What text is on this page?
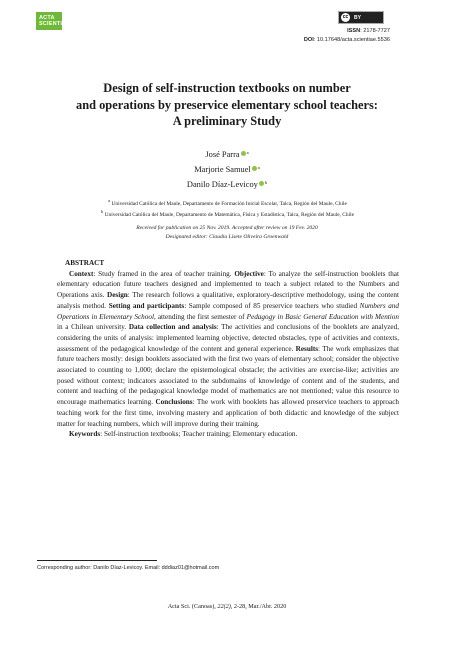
ACTA
SCIENTIAE
cc	BY
ISSN: 2178-7727
DOI: 10.17648/acta.scientiae.5536
Design of self-instruction textbooks on number
and operations by preservice elementary school teachers:
A preliminary Study
José Parra $^a$
Marjorie Samuel $^a$
Danilo Díaz-Levicoy $^b$
$^a$ Universidad Católica del Maule, Departamento de Formación Inicial Escolar, Talca, Región del Maule, Chile
$^b$ Universidad Católica del Maule, Departamento de Matemática, Física y Estadística, Talca, Región del Maule, Chile
Received for publication on 25 Nov. 2019. Accepted after review on 19 Fev. 2020
Designated editor: Claudia Lisete Oliveira Groenwald

ABSTRACT

Context: Study framed in the area of teacher training. Objective: To analyze the self-instruction booklets that elementary education future teachers designed and implemented to teach a subject related to the Numbers and Operations axis. Design: The research follows a qualitative, exploratory-descriptive methodology, using the content analysis method. Setting and participants: Sample composed of 85 preservice teachers who studied Numbers and Operations in Elementary School, attending the first semester of Pedagogy in Basic General Education with Mention in a Chilean university. Data collection and analysis: The activities and conclusions of the booklets are analyzed, considering the units of analysis: implemented learning objective, detected obstacles, type of activities and contexts, assessment of the pedagogical knowledge of the content and general experience. Results: The work emphasizes that future teachers mostly: design booklets associated with the first two years of elementary school; consider the objective associated to counting to 1,000; declare the epistemological obstacle; the activities are exercise-like; activities are posed without context; indicators associated to the subdomains of knowledge of content and of the students, and content and teaching of the pedagogical knowledge model of mathematics are not mentioned; value this resource to encourage mathematics learning. Conclusions: The work with booklets has allowed preservice teachers to approach teaching work for the first time, involving mastery and application of both didactic and knowledge of the subject matter for teaching numbers, which will improve during their training.

Keywords: Self-instruction textbooks; Teacher training; Elementary education.

Corresponding author: Danilo Díaz-Levicoy. Email: dddiaz01@hotmail.com
Acta Sci. (Canoas), 22(2), 2-28, Mar./Abr. 2020
